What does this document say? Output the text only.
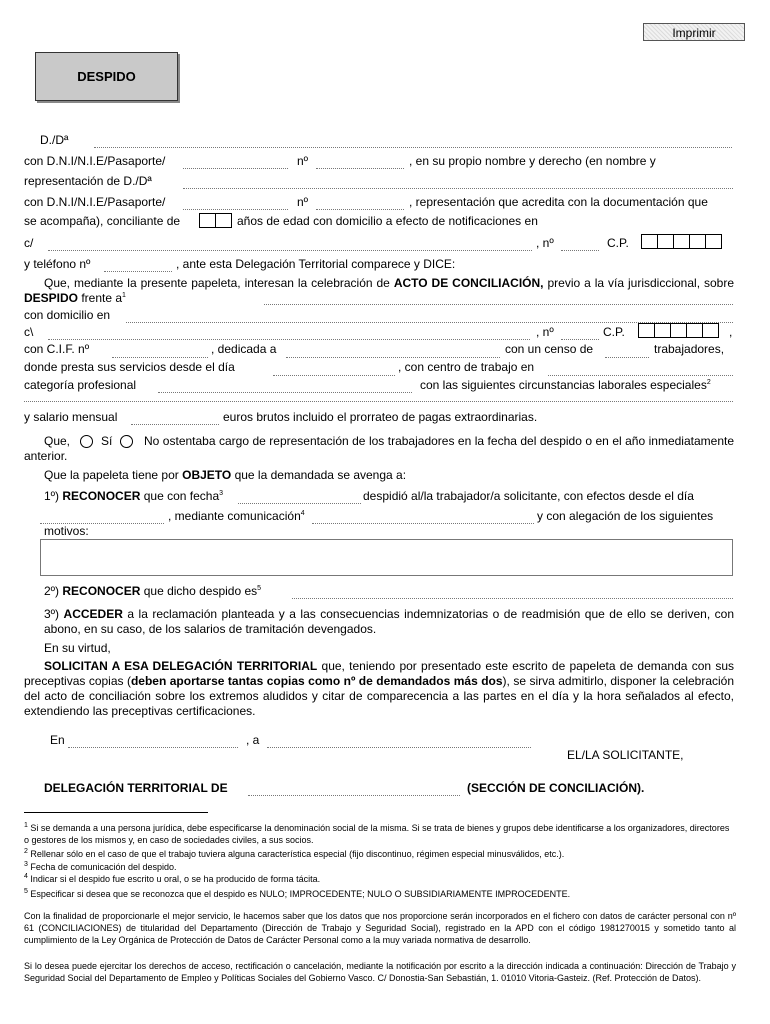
Imprimir
DESPIDO
D./Dª
con D.N.I/N.I.E/Pasaporte/	nº	, en su propio nombre y derecho (en nombre y
representación de D./Dª
con D.N.I/N.I.E/Pasaporte/	nº	, representación que acredita con la documentación que
se acompaña), conciliante de	años de edad con domicilio a efecto de notificaciones en
c/	, nº	C.P.
y teléfono nº	, ante esta Delegación Territorial comparece y DICE:
Que, mediante la presente papeleta, interesan la celebración de ACTO DE CONCILIACIÓN, previo a la vía jurisdiccional, sobre DESPIDO frente $a^1$
con domicilio en
c\	, nº	C.P.	,
con C.I.F. nº	, dedicada a	con un censo de	trabajadores,
donde presta sus servicios desde el día	, con centro de trabajo en
categoría profesional	con las siguientes circunstancias laborales especiales$^2$
y salario mensual	euros brutos incluido el prorrateo de pagas extraordinarias.
Que,	Sí	No ostentaba cargo de representación de los trabajadores en la fecha del despido o en el año inmediatamente anterior.
Que la papeleta tiene por OBJETO que la demandada se avenga a:
1º) RECONOCER que con fecha$^3$	despidió al/la trabajador/a solicitante, con efectos desde el día
, mediante comunicación$^4$	y con alegación de los siguientes
motivos:
2º) RECONOCER que dicho despido $es^5$
3º) ACCEDER a la reclamación planteada y a las consecuencias indemnizatorias o de readmisión que de ello se deriven, con abono, en su caso, de los salarios de tramitación devengados.
En su virtud,
SOLICITAN A ESA DELEGACIÓN TERRITORIAL que, teniendo por presentado este escrito de papeleta de demanda con sus preceptivas copias (deben aportarse tantas copias como nº de demandados más dos), se sirva admitirlo, disponer la celebración del acto de conciliación sobre los extremos aludidos y citar de comparecencia a las partes en el día y la hora señalados al efecto, extendiendo las preceptivas certificaciones.
En	, a
EL/LA SOLICITANTE,
DELEGACIÓN TERRITORIAL DE	(SECCIÓN DE CONCILIACIÓN).
$^1$ Si se demanda a una persona jurídica, debe especificarse la denominación social de la misma. Si se trata de bienes y grupos debe identificarse a los organizadores, directores o gestores de los mismos y, en caso de sociedades civiles, a sus socios.
$^2$ Rellenar sólo en el caso de que el trabajo tuviera alguna característica especial (fijo discontinuo, régimen especial minusválidos, etc.).
$^3$ Fecha de comunicación del despido.
$^4$ Indicar si el despido fue escrito u oral, o se ha producido de forma tácita.
$^5$ Especificar si desea que se reconozca que el despido es NULO; IMPROCEDENTE; NULO O SUBSIDIARIAMENTE IMPROCEDENTE.
Con la finalidad de proporcionarle el mejor servicio, le hacemos saber que los datos que nos proporcione serán incorporados en el fichero con datos de carácter personal con nº 61 (CONCILIACIONES) de titularidad del Departamento (Dirección de Trabajo y Seguridad Social), registrado en la APD con el código 1981270015 y sometido tanto al cumplimiento de la Ley Orgánica de Protección de Datos de Carácter Personal como a la muy variada normativa de desarrollo.
Si lo desea puede ejercitar los derechos de acceso, rectificación o cancelación, mediante la notificación por escrito a la dirección indicada a continuación: Dirección de Trabajo y Seguridad Social del Departamento de Empleo y Políticas Sociales del Gobierno Vasco. C/ Donostia-San Sebastián, 1. 01010 Vitoria-Gasteiz. (Ref. Protección de Datos).
